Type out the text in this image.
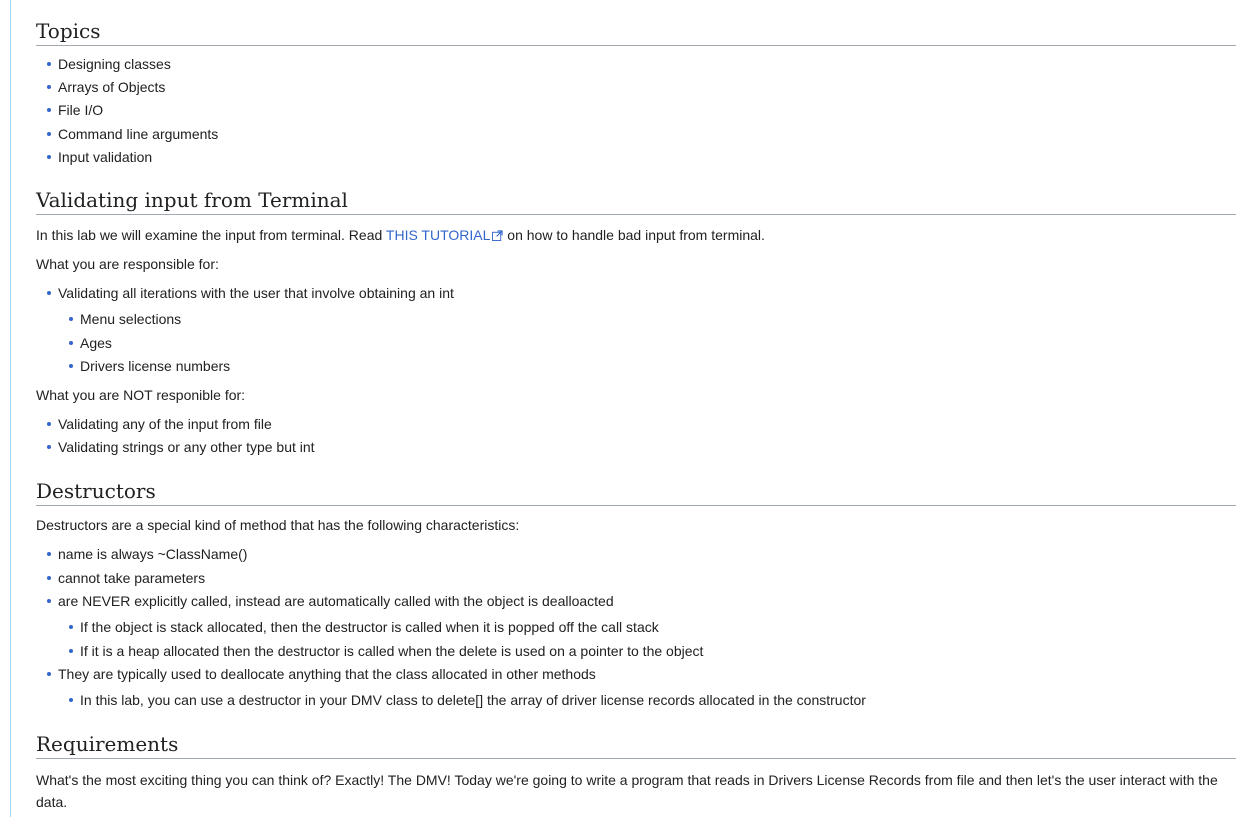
Topics
Designing classes
Arrays of Objects
File I/O
Command line arguments
Input validation
Validating input from Terminal

In this lab we will examine the input from terminal. Read THIS TUTORIAL on how to handle bad input from terminal.

What you are responsible for:

Validating all iterations with the user that involve obtaining an int
Menu selections
Ages
Drivers license numbers

What you are NOT responible for:

Validating any of the input from file
Validating strings or any other type but int
Destructors

Destructors are a special kind of method that has the following characteristics:

name is always ~ClassName()
cannot take parameters
are NEVER explicitly called, instead are automatically called with the object is dealloacted
If the object is stack allocated, then the destructor is called when it is popped off the call stack
If it is a heap allocated then the destructor is called when the delete is used on a pointer to the object
They are typically used to deallocate anything that the class allocated in other methods
In this lab, you can use a destructor in your DMV class to delete[] the array of driver license records allocated in the constructor
Requirements

What's the most exciting thing you can think of? Exactly! The DMV! Today we're going to write a program that reads in Drivers License Records from file and then let's the user interact with the data.
